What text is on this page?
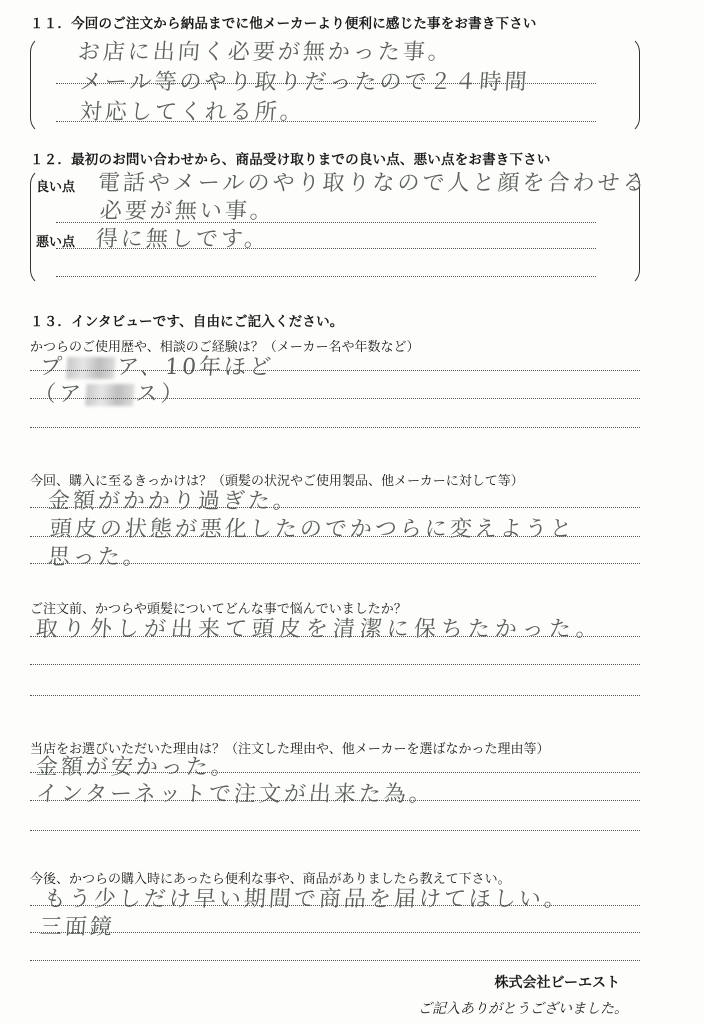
１１．今回のご注文から納品までに他メーカーより便利に感じた事をお書き下さい
お店に出向く必要が無かった事。
メール等のやり取りだったので２４時間
対応してくれる所。
１２．最初のお問い合わせから、商品受け取りまでの良い点、悪い点をお書き下さい
良い点
悪い点
電話やメールのやり取りなので人と顔を合わせる
必要が無い事。
得に無しです。
１３．インタビューです、自由にご記入ください。
かつらのご使用歴や、相談のご経験は？（メーカー名や年数など）
プ ア、10年ほど
（ア ス）
今回、購入に至るきっかけは？（頭髪の状況やご使用製品、他メーカーに対して等）
金額がかかり過ぎた。
頭皮の状態が悪化したのでかつらに変えようと
思った。
ご注文前、かつらや頭髪についてどんな事で悩んでいましたか？
取り外しが出来て頭皮を清潔に保ちたかった。
当店をお選びいただいた理由は？（注文した理由や、他メーカーを選ばなかった理由等）
金額が安かった。
インターネットで注文が出来た為。
今後、かつらの購入時にあったら便利な事や、商品がありましたら教えて下さい。
もう少しだけ早い期間で商品を届けてほしい。
三面鏡
株式会社ビーエスト
ご記入ありがとうございました。
